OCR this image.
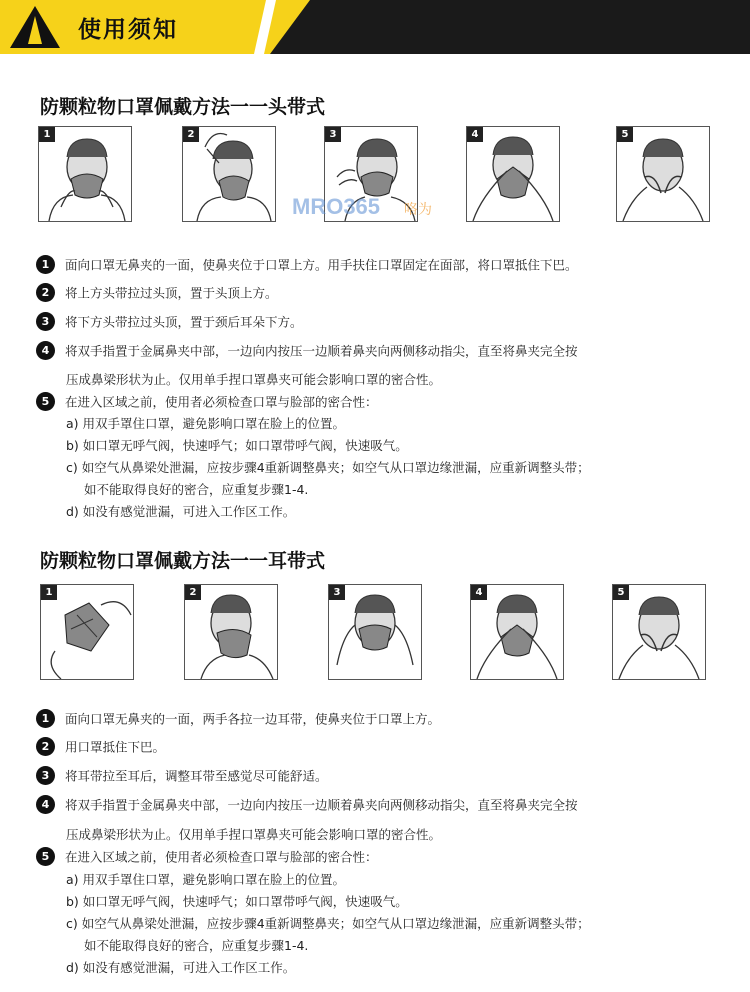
使用须知
防颗粒物口罩佩戴方法一一头带式
1	2	3	4	5
MRO365 咯为
1 面向口罩无鼻夹的一面，使鼻夹位于口罩上方。用手扶住口罩固定在面部，将口罩抵住下巴。
2 将上方头带拉过头顶，置于头顶上方。
3 将下方头带拉过头顶，置于颈后耳朵下方。
4 将双手指置于金属鼻夹中部，一边向内按压一边顺着鼻夹向两侧移动指尖，直至将鼻夹完全按
压成鼻梁形状为止。仅用单手捏口罩鼻夹可能会影响口罩的密合性。
5 在进入区域之前，使用者必须检查口罩与脸部的密合性：
a) 用双手罩住口罩，避免影响口罩在脸上的位置。
b) 如口罩无呼气阀，快速呼气；如口罩带呼气阀，快速吸气。
c) 如空气从鼻梁处泄漏，应按步骤4重新调整鼻夹；如空气从口罩边缘泄漏，应重新调整头带；
如不能取得良好的密合，应重复步骤1-4.
d) 如没有感觉泄漏，可进入工作区工作。
防颗粒物口罩佩戴方法一一耳带式
1	2	3	4	5
1 面向口罩无鼻夹的一面，两手各拉一边耳带，使鼻夹位于口罩上方。
2 用口罩抵住下巴。
3 将耳带拉至耳后，调整耳带至感觉尽可能舒适。
4 将双手指置于金属鼻夹中部，一边向内按压一边顺着鼻夹向两侧移动指尖，直至将鼻夹完全按
压成鼻梁形状为止。仅用单手捏口罩鼻夹可能会影响口罩的密合性。
5 在进入区域之前，使用者必须检查口罩与脸部的密合性：
a) 用双手罩住口罩，避免影响口罩在脸上的位置。
b) 如口罩无呼气阀，快速呼气；如口罩带呼气阀，快速吸气。
c) 如空气从鼻梁处泄漏，应按步骤4重新调整鼻夹；如空气从口罩边缘泄漏，应重新调整头带；
如不能取得良好的密合，应重复步骤1-4.
d) 如没有感觉泄漏，可进入工作区工作。
